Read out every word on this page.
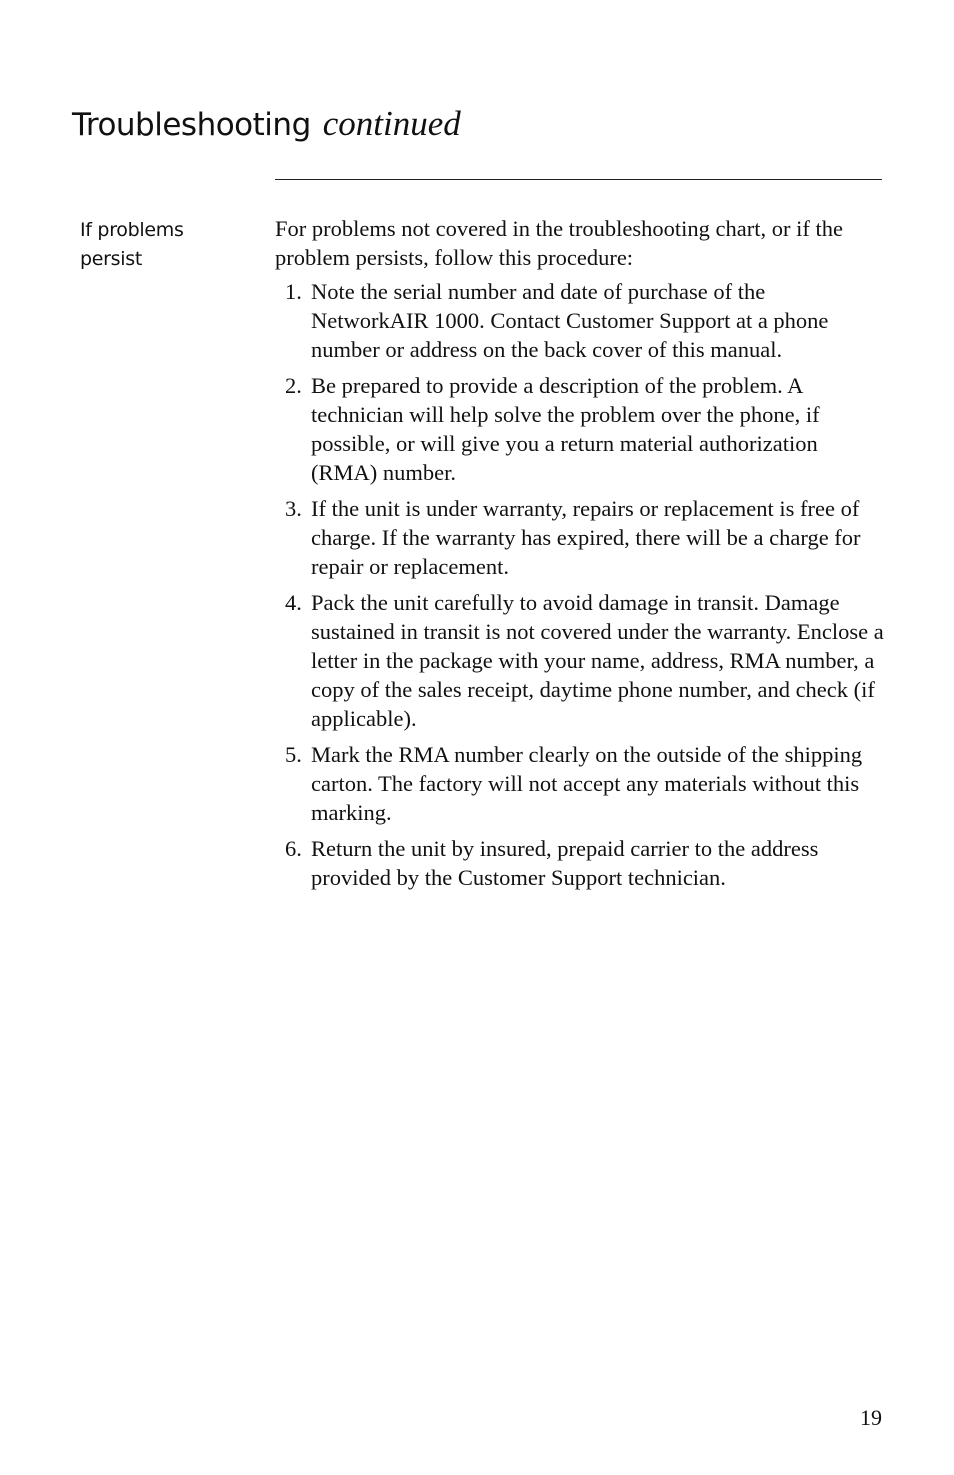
Troubleshooting continued
If problems persist

For problems not covered in the troubleshooting chart, or if the problem persists, follow this procedure:

1. Note the serial number and date of purchase of the NetworkAIR 1000. Contact Customer Support at a phone number or address on the back cover of this manual.
2. Be prepared to provide a description of the problem. A technician will help solve the problem over the phone, if possible, or will give you a return material authorization (RMA) number.
3. If the unit is under warranty, repairs or replacement is free of charge. If the warranty has expired, there will be a charge for repair or replacement.
4. Pack the unit carefully to avoid damage in transit. Damage sustained in transit is not covered under the warranty. Enclose a letter in the package with your name, address, RMA number, a copy of the sales receipt, daytime phone number, and check (if applicable).
5. Mark the RMA number clearly on the outside of the shipping carton. The factory will not accept any materials without this marking.
6. Return the unit by insured, prepaid carrier to the address provided by the Customer Support technician.
19
